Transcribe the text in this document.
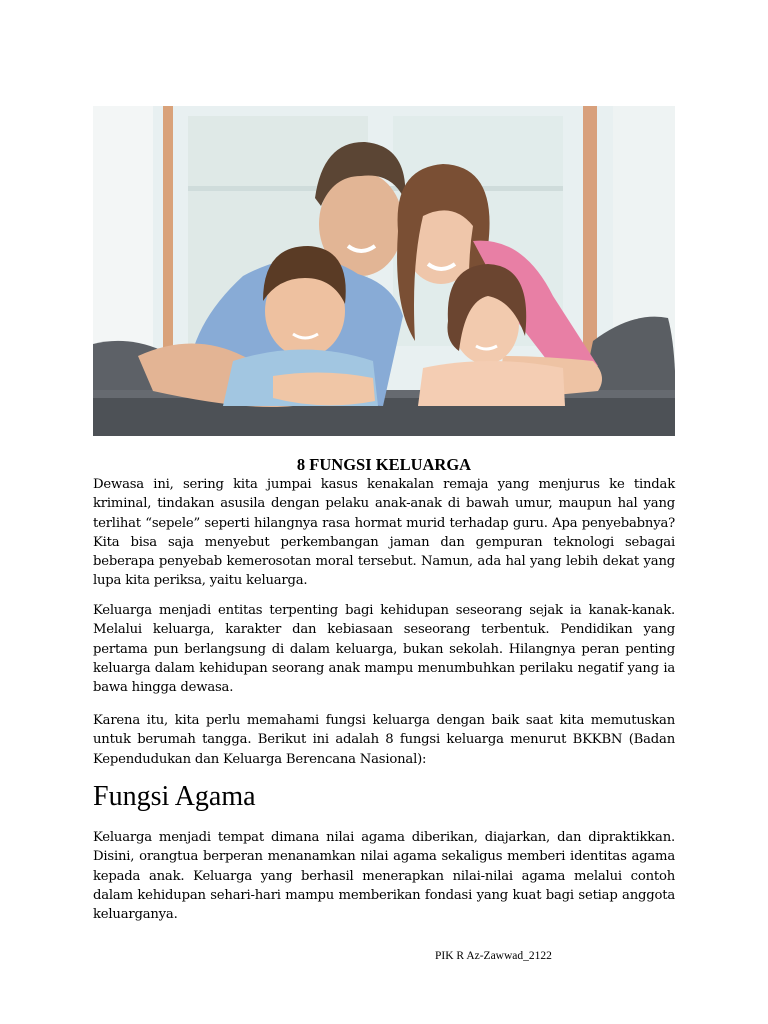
8 FUNGSI KELUARGA

Dewasa ini, sering kita jumpai kasus kenakalan remaja yang menjurus ke tindak kriminal, tindakan asusila dengan pelaku anak-anak di bawah umur, maupun hal yang terlihat “sepele” seperti hilangnya rasa hormat murid terhadap guru. Apa penyebabnya? Kita bisa saja menyebut perkembangan jaman dan gempuran teknologi sebagai beberapa penyebab kemerosotan moral tersebut. Namun, ada hal yang lebih dekat yang lupa kita periksa, yaitu keluarga.

Keluarga menjadi entitas terpenting bagi kehidupan seseorang sejak ia kanak-kanak. Melalui keluarga, karakter dan kebiasaan seseorang terbentuk. Pendidikan yang pertama pun berlangsung di dalam keluarga, bukan sekolah. Hilangnya peran penting keluarga dalam kehidupan seorang anak mampu menumbuhkan perilaku negatif yang ia bawa hingga dewasa.

Karena itu, kita perlu memahami fungsi keluarga dengan baik saat kita memutuskan untuk berumah tangga. Berikut ini adalah 8 fungsi keluarga menurut BKKBN (Badan Kependudukan dan Keluarga Berencana Nasional):

Fungsi Agama

Keluarga menjadi tempat dimana nilai agama diberikan, diajarkan, dan dipraktikkan. Disini, orangtua berperan menanamkan nilai agama sekaligus memberi identitas agama kepada anak. Keluarga yang berhasil menerapkan nilai-nilai agama melalui contoh dalam kehidupan sehari-hari mampu memberikan fondasi yang kuat bagi setiap anggota keluarganya.

PIK R Az-Zawwad_2122
